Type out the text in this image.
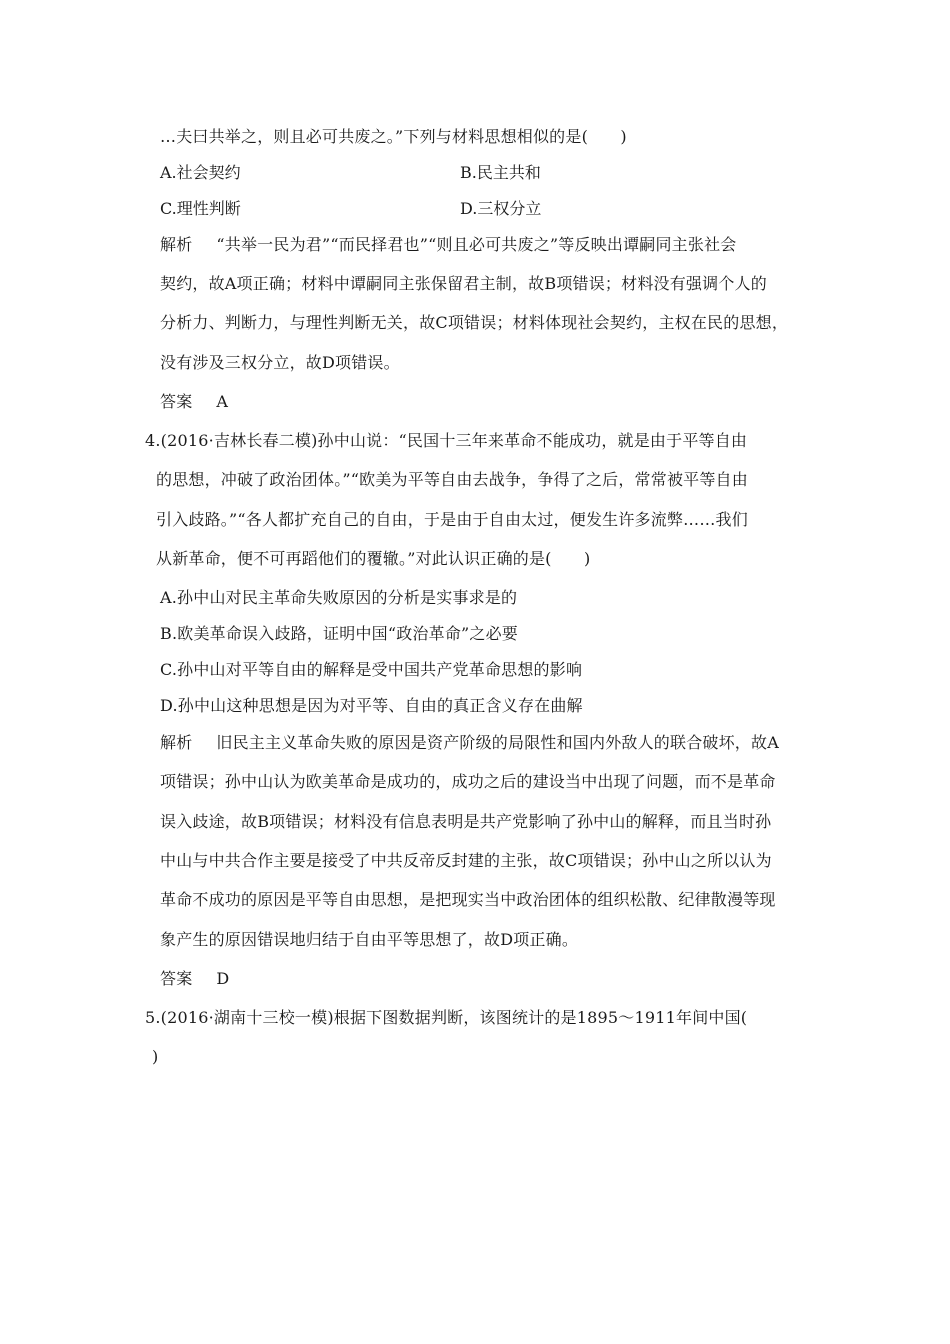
…夫曰共举之，则且必可共废之。”下列与材料思想相似的是(　　)
A.社会契约	B.民主共和
C.理性判断	D.三权分立
解析 “共举一民为君”“而民择君也”“则且必可共废之”等反映出谭嗣同主张社会
契约，故A项正确；材料中谭嗣同主张保留君主制，故B项错误；材料没有强调个人的
分析力、判断力，与理性判断无关，故C项错误；材料体现社会契约，主权在民的思想，
没有涉及三权分立，故D项错误。
答案 A
4.(2016·吉林长春二模)孙中山说：“民国十三年来革命不能成功，就是由于平等自由
的思想，冲破了政治团体。”“欧美为平等自由去战争，争得了之后，常常被平等自由
引入歧路。”“各人都扩充自己的自由，于是由于自由太过，便发生许多流弊……我们
从新革命，便不可再蹈他们的覆辙。”对此认识正确的是(　　)
A.孙中山对民主革命失败原因的分析是实事求是的
B.欧美革命误入歧路，证明中国“政治革命”之必要
C.孙中山对平等自由的解释是受中国共产党革命思想的影响
D.孙中山这种思想是因为对平等、自由的真正含义存在曲解
解析 旧民主主义革命失败的原因是资产阶级的局限性和国内外敌人的联合破坏，故A
项错误；孙中山认为欧美革命是成功的，成功之后的建设当中出现了问题，而不是革命
误入歧途，故B项错误；材料没有信息表明是共产党影响了孙中山的解释，而且当时孙
中山与中共合作主要是接受了中共反帝反封建的主张，故C项错误；孙中山之所以认为
革命不成功的原因是平等自由思想，是把现实当中政治团体的组织松散、纪律散漫等现
象产生的原因错误地归结于自由平等思想了，故D项正确。
答案 D
5.(2016·湖南十三校一模)根据下图数据判断，该图统计的是1895～1911年间中国(
)
